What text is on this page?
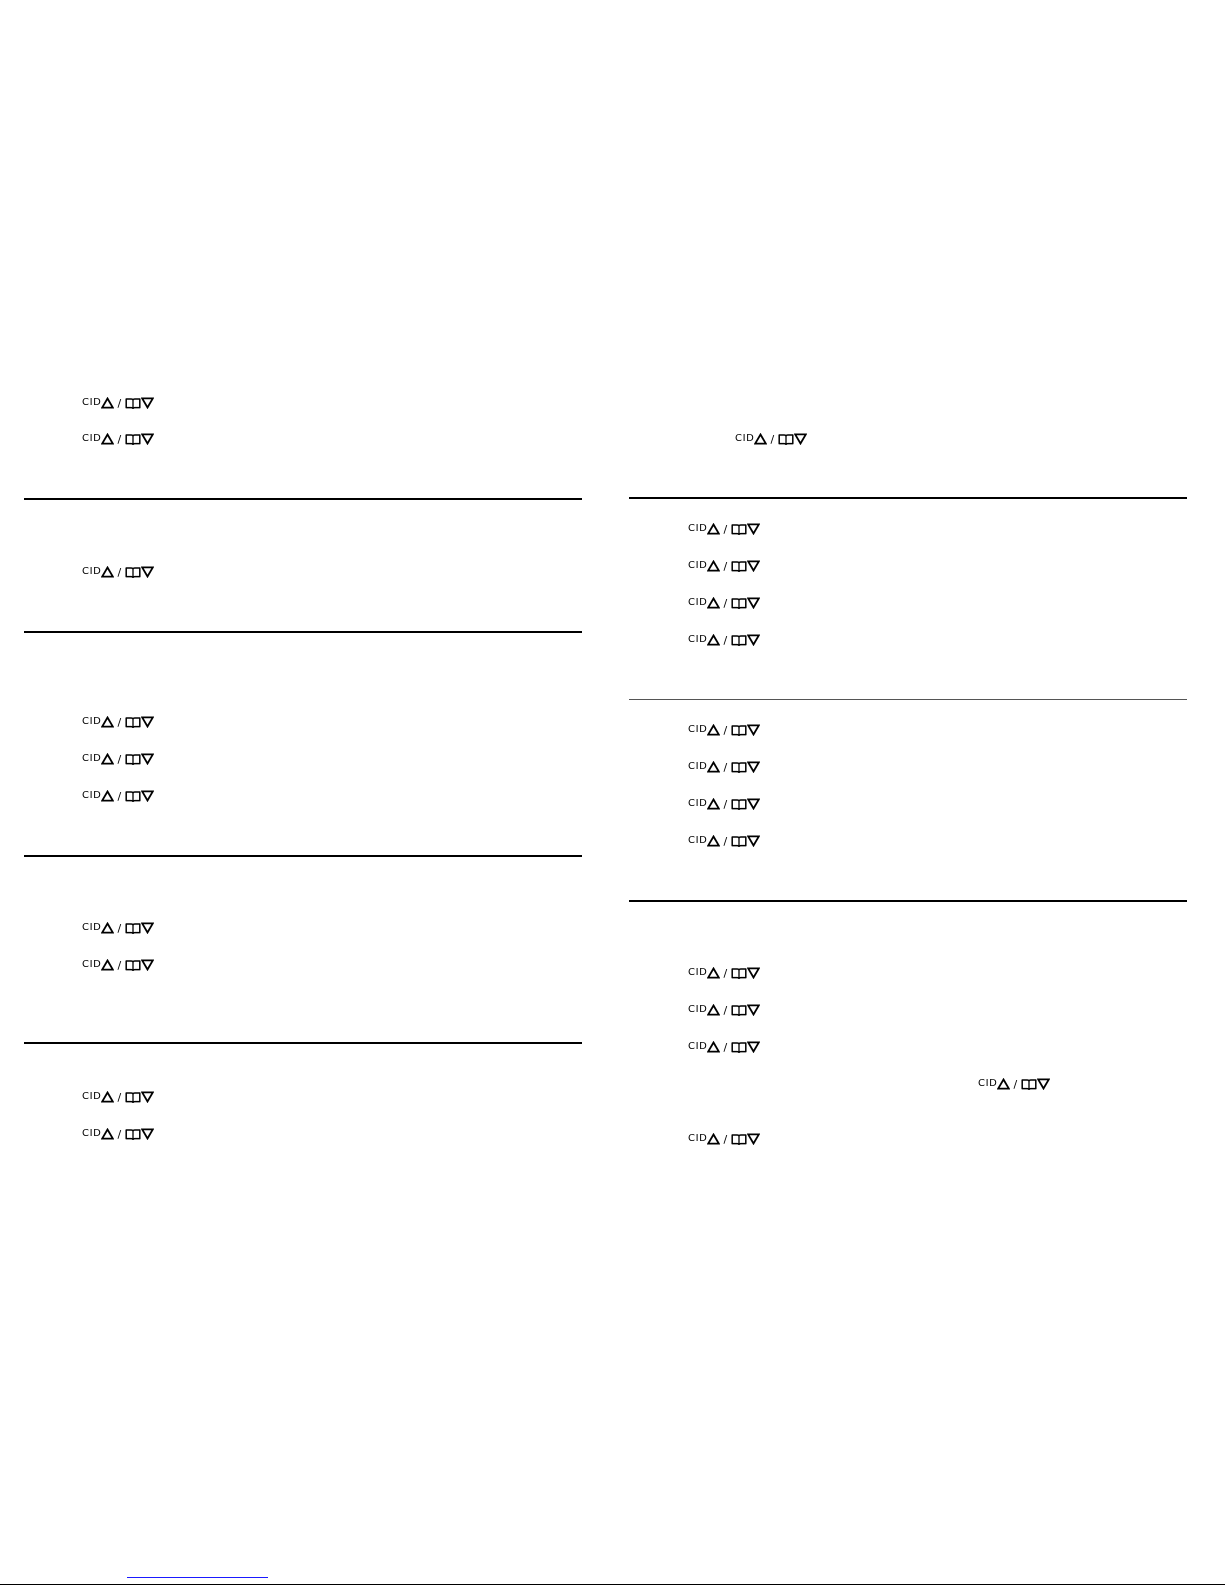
CID /
CID /
CID /
CID /
CID /
CID /
CID /
CID /
CID /
CID /
CID /
CID /
CID /
CID /
CID /
CID /
CID /
CID /
CID /
CID /
CID /
CID /
CID /
CID /
